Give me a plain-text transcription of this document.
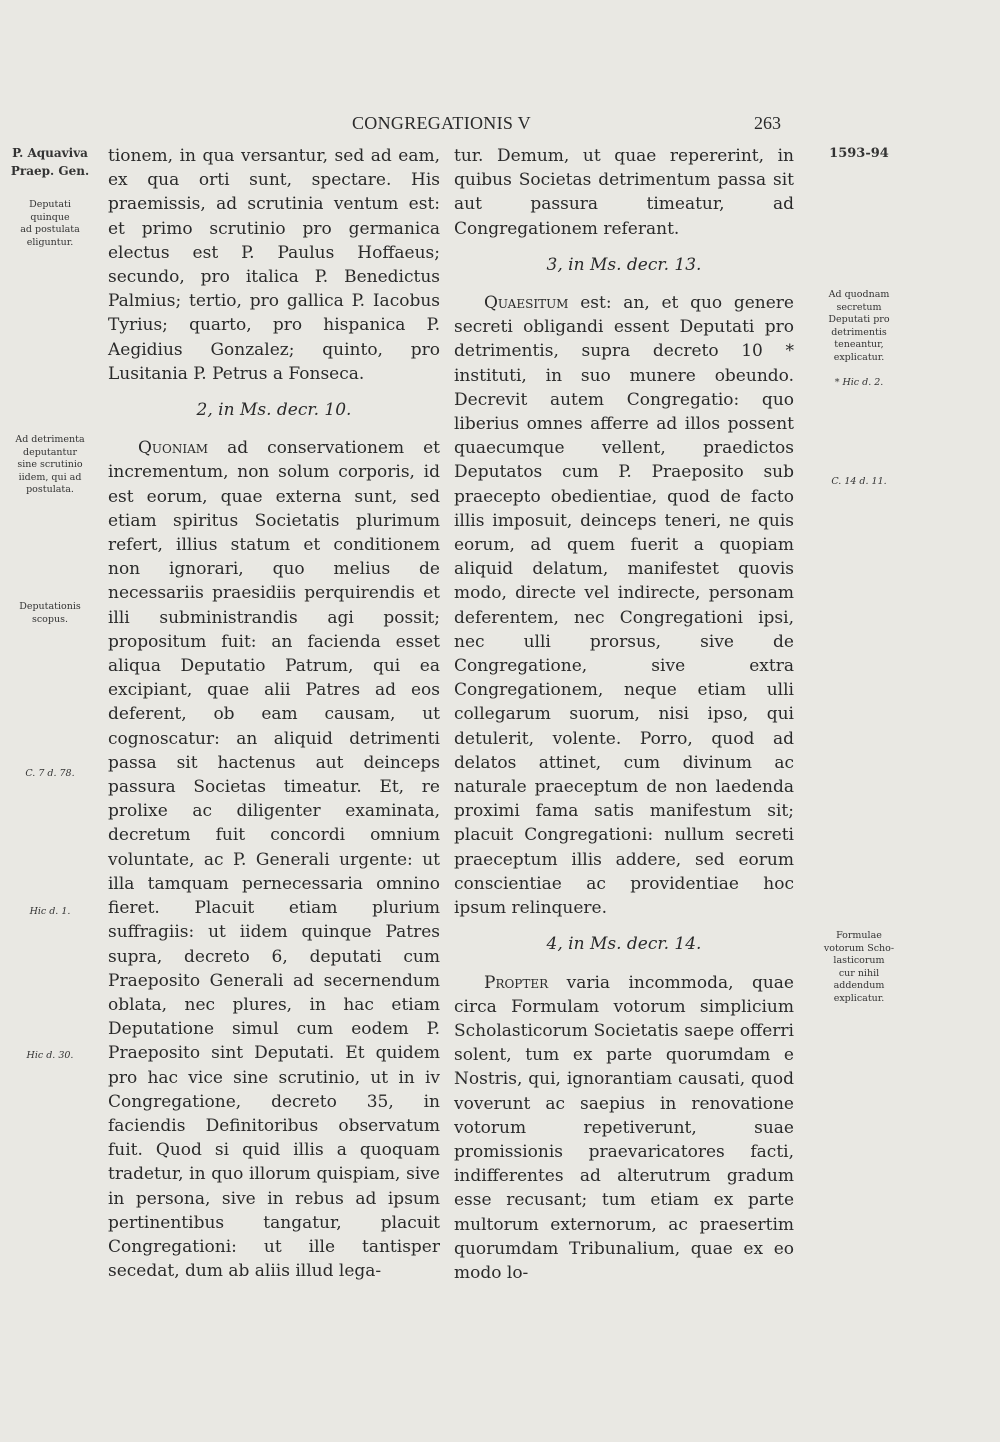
CONGREGATIONIS V	263
P. Aquaviva
Praep. Gen.
Deputati
quinque
ad postulata
eliguntur.
Ad detrimenta
deputantur
sine scrutinio
iidem, qui ad
postulata.
Deputationis
scopus.
C. 7 d. 78.
Hic d. 1.
Hic d. 30.
1593-94
Ad quodnam
secretum
Deputati pro
detrimentis
teneantur,
explicatur.
* Hic d. 2.
C. 14 d. 11.
Formulae
votorum Scho-
lasticorum
cur nihil
addendum
explicatur.

tionem, in qua versantur, sed ad eam, ex qua orti sunt, spectare. His praemissis, ad scrutinia ventum est: et primo scrutinio pro germanica electus est P. Paulus Hoffaeus; secundo, pro italica P. Benedictus Palmius; tertio, pro gallica P. Iacobus Tyrius; quarto, pro hispanica P. Aegidius Gonzalez; quinto, pro Lusitania P. Petrus a Fonseca.

2, in Ms. decr. 10.

Quoniam ad conservationem et incrementum, non solum corporis, id est eorum, quae externa sunt, sed etiam spiritus Societatis plurimum refert, illius statum et conditionem non ignorari, quo melius de necessariis praesidiis perquirendis et illi subministrandis agi possit; propositum fuit: an facienda esset aliqua Deputatio Patrum, qui ea excipiant, quae alii Patres ad eos deferent, ob eam causam, ut cognoscatur: an aliquid detrimenti passa sit hactenus aut deinceps passura Societas timeatur. Et, re prolixe ac diligenter examinata, decretum fuit concordi omnium voluntate, ac P. Generali urgente: ut illa tamquam pernecessaria omnino fieret. Placuit etiam plurium suffragiis: ut iidem quinque Patres supra, decreto 6, deputati cum Praeposito Generali ad secernendum oblata, nec plures, in hac etiam Deputatione simul cum eodem P. Praeposito sint Deputati. Et quidem pro hac vice sine scrutinio, ut in iv Congregatione, decreto 35, in faciendis Definitoribus observatum fuit. Quod si quid illis a quoquam tradetur, in quo illorum quispiam, sive in persona, sive in rebus ad ipsum pertinentibus tangatur, placuit Congregationi: ut ille tantisper secedat, dum ab aliis illud lega-

tur. Demum, ut quae repererint, in quibus Societas detrimentum passa sit aut passura timeatur, ad Congregationem referant.

3, in Ms. decr. 13.

Quaesitum est: an, et quo genere secreti obligandi essent Deputati pro detrimentis, supra decreto 10 * instituti, in suo munere obeundo. Decrevit autem Congregatio: quo liberius omnes afferre ad illos possent quaecumque vellent, praedictos Deputatos cum P. Praeposito sub praecepto obedientiae, quod de facto illis imposuit, deinceps teneri, ne quis eorum, ad quem fuerit a quopiam aliquid delatum, manifestet quovis modo, directe vel indirecte, personam deferentem, nec Congregationi ipsi, nec ulli prorsus, sive de Congregatione, sive extra Congregationem, neque etiam ulli collegarum suorum, nisi ipso, qui detulerit, volente. Porro, quod ad delatos attinet, cum divinum ac naturale praeceptum de non laedenda proximi fama satis manifestum sit; placuit Congregationi: nullum secreti praeceptum illis addere, sed eorum conscientiae ac providentiae hoc ipsum relinquere.

4, in Ms. decr. 14.

Propter varia incommoda, quae circa Formulam votorum simplicium Scholasticorum Societatis saepe offerri solent, tum ex parte quorumdam e Nostris, qui, ignorantiam causati, quod voverunt ac saepius in renovatione votorum repetiverunt, suae promissionis praevaricatores facti, indifferentes ad alterutrum gradum esse recusant; tum etiam ex parte multorum externorum, ac praesertim quorumdam Tribunalium, quae ex eo modo lo-
